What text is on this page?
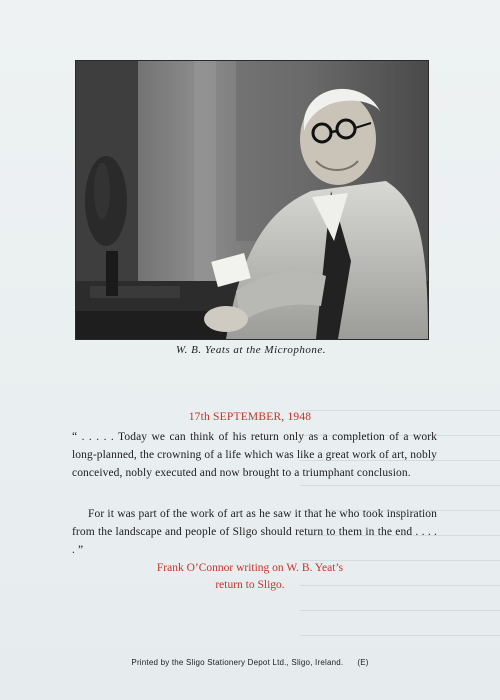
W. B. Yeats at the Microphone.
17th SEPTEMBER, 1948
“ . . . . . Today we can think of his return only as a completion of a work long-planned, the crowning of a life which was like a great work of art, nobly conceived, nobly executed and now brought to a triumphant conclusion.
For it was part of the work of art as he saw it that he who took inspiration from the landscape and people of Sligo should return to them in the end . . . . . ”
Frank O’Connor writing on W. B. Yeat’s
return to Sligo.
Printed by the Sligo Stationery Depot Ltd., Sligo, Ireland. (E)
